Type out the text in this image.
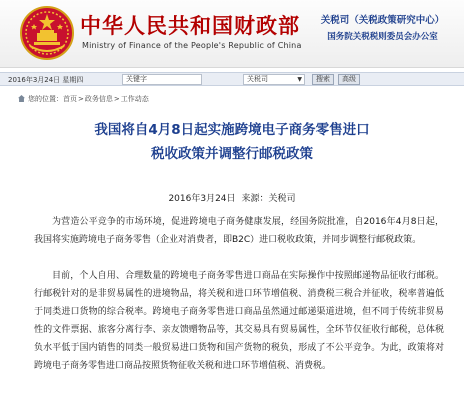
中华人民共和国财政部
Ministry of Finance of the People's Republic of China
关税司（关税政策研究中心）
国务院关税税则委员会办公室
2016年3月24日 星期四	关键字	关税司	▼	搜索	高级
您的位置：首页>政务信息>工作动态
我国将自4月8日起实施跨境电子商务零售进口
税收政策并调整行邮税政策
2016年3月24日 来源：关税司

为营造公平竞争的市场环境，促进跨境电子商务健康发展，经国务院批准，自2016年4月8日起，我国将实施跨境电子商务零售（企业对消费者，即B2C）进口税收政策，并同步调整行邮税政策。

目前，个人自用、合理数量的跨境电子商务零售进口商品在实际操作中按照邮递物品征收行邮税。行邮税针对的是非贸易属性的进境物品，将关税和进口环节增值税、消费税三税合并征收，税率普遍低于同类进口货物的综合税率。跨境电子商务零售进口商品虽然通过邮递渠道进境，但不同于传统非贸易性的文件票据、旅客分离行李、亲友馈赠物品等，其交易具有贸易属性，全环节仅征收行邮税，总体税负水平低于国内销售的同类一般贸易进口货物和国产货物的税负，形成了不公平竞争。为此，政策将对跨境电子商务零售进口商品按照货物征收关税和进口环节增值税、消费税。
